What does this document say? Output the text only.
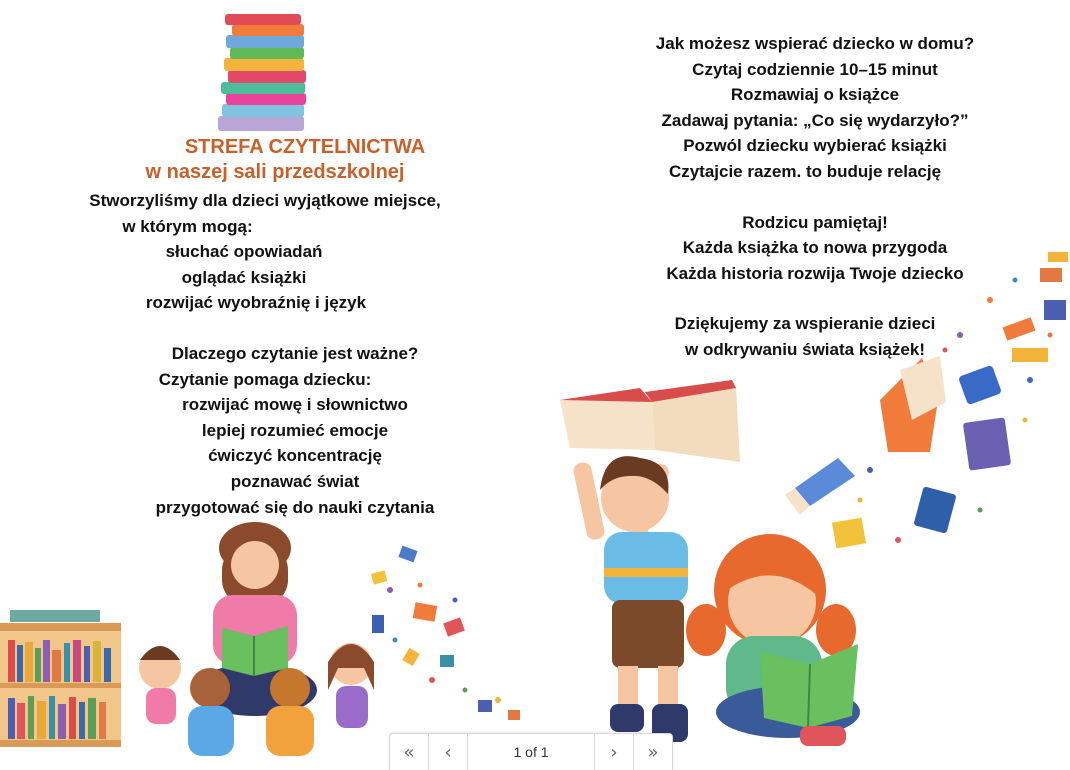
STREFA CZYTELNICTWA
w naszej sali przedszkolnej
Stworzyliśmy dla dzieci wyjątkowe miejsce,
w którym mogą:
słuchać opowiadań
oglądać książki
rozwijać wyobraźnię i język
Dlaczego czytanie jest ważne?
Czytanie pomaga dziecku:
rozwijać mowę i słownictwo
lepiej rozumieć emocje
ćwiczyć koncentrację
poznawać świat
przygotować się do nauki czytania
Jak możesz wspierać dziecko w domu?
Czytaj codziennie 10–15 minut
Rozmawiaj o książce
Zadawaj pytania: „Co się wydarzyło?”
Pozwól dziecku wybierać książki
Czytajcie razem. to buduje relację
Rodzicu pamiętaj!
Każda książka to nowa przygoda
Każda historia rozwija Twoje dziecko
Dziękujemy za wspieranie dzieci
w odkrywaniu świata książek!
«	‹	1 of 1	›	»
